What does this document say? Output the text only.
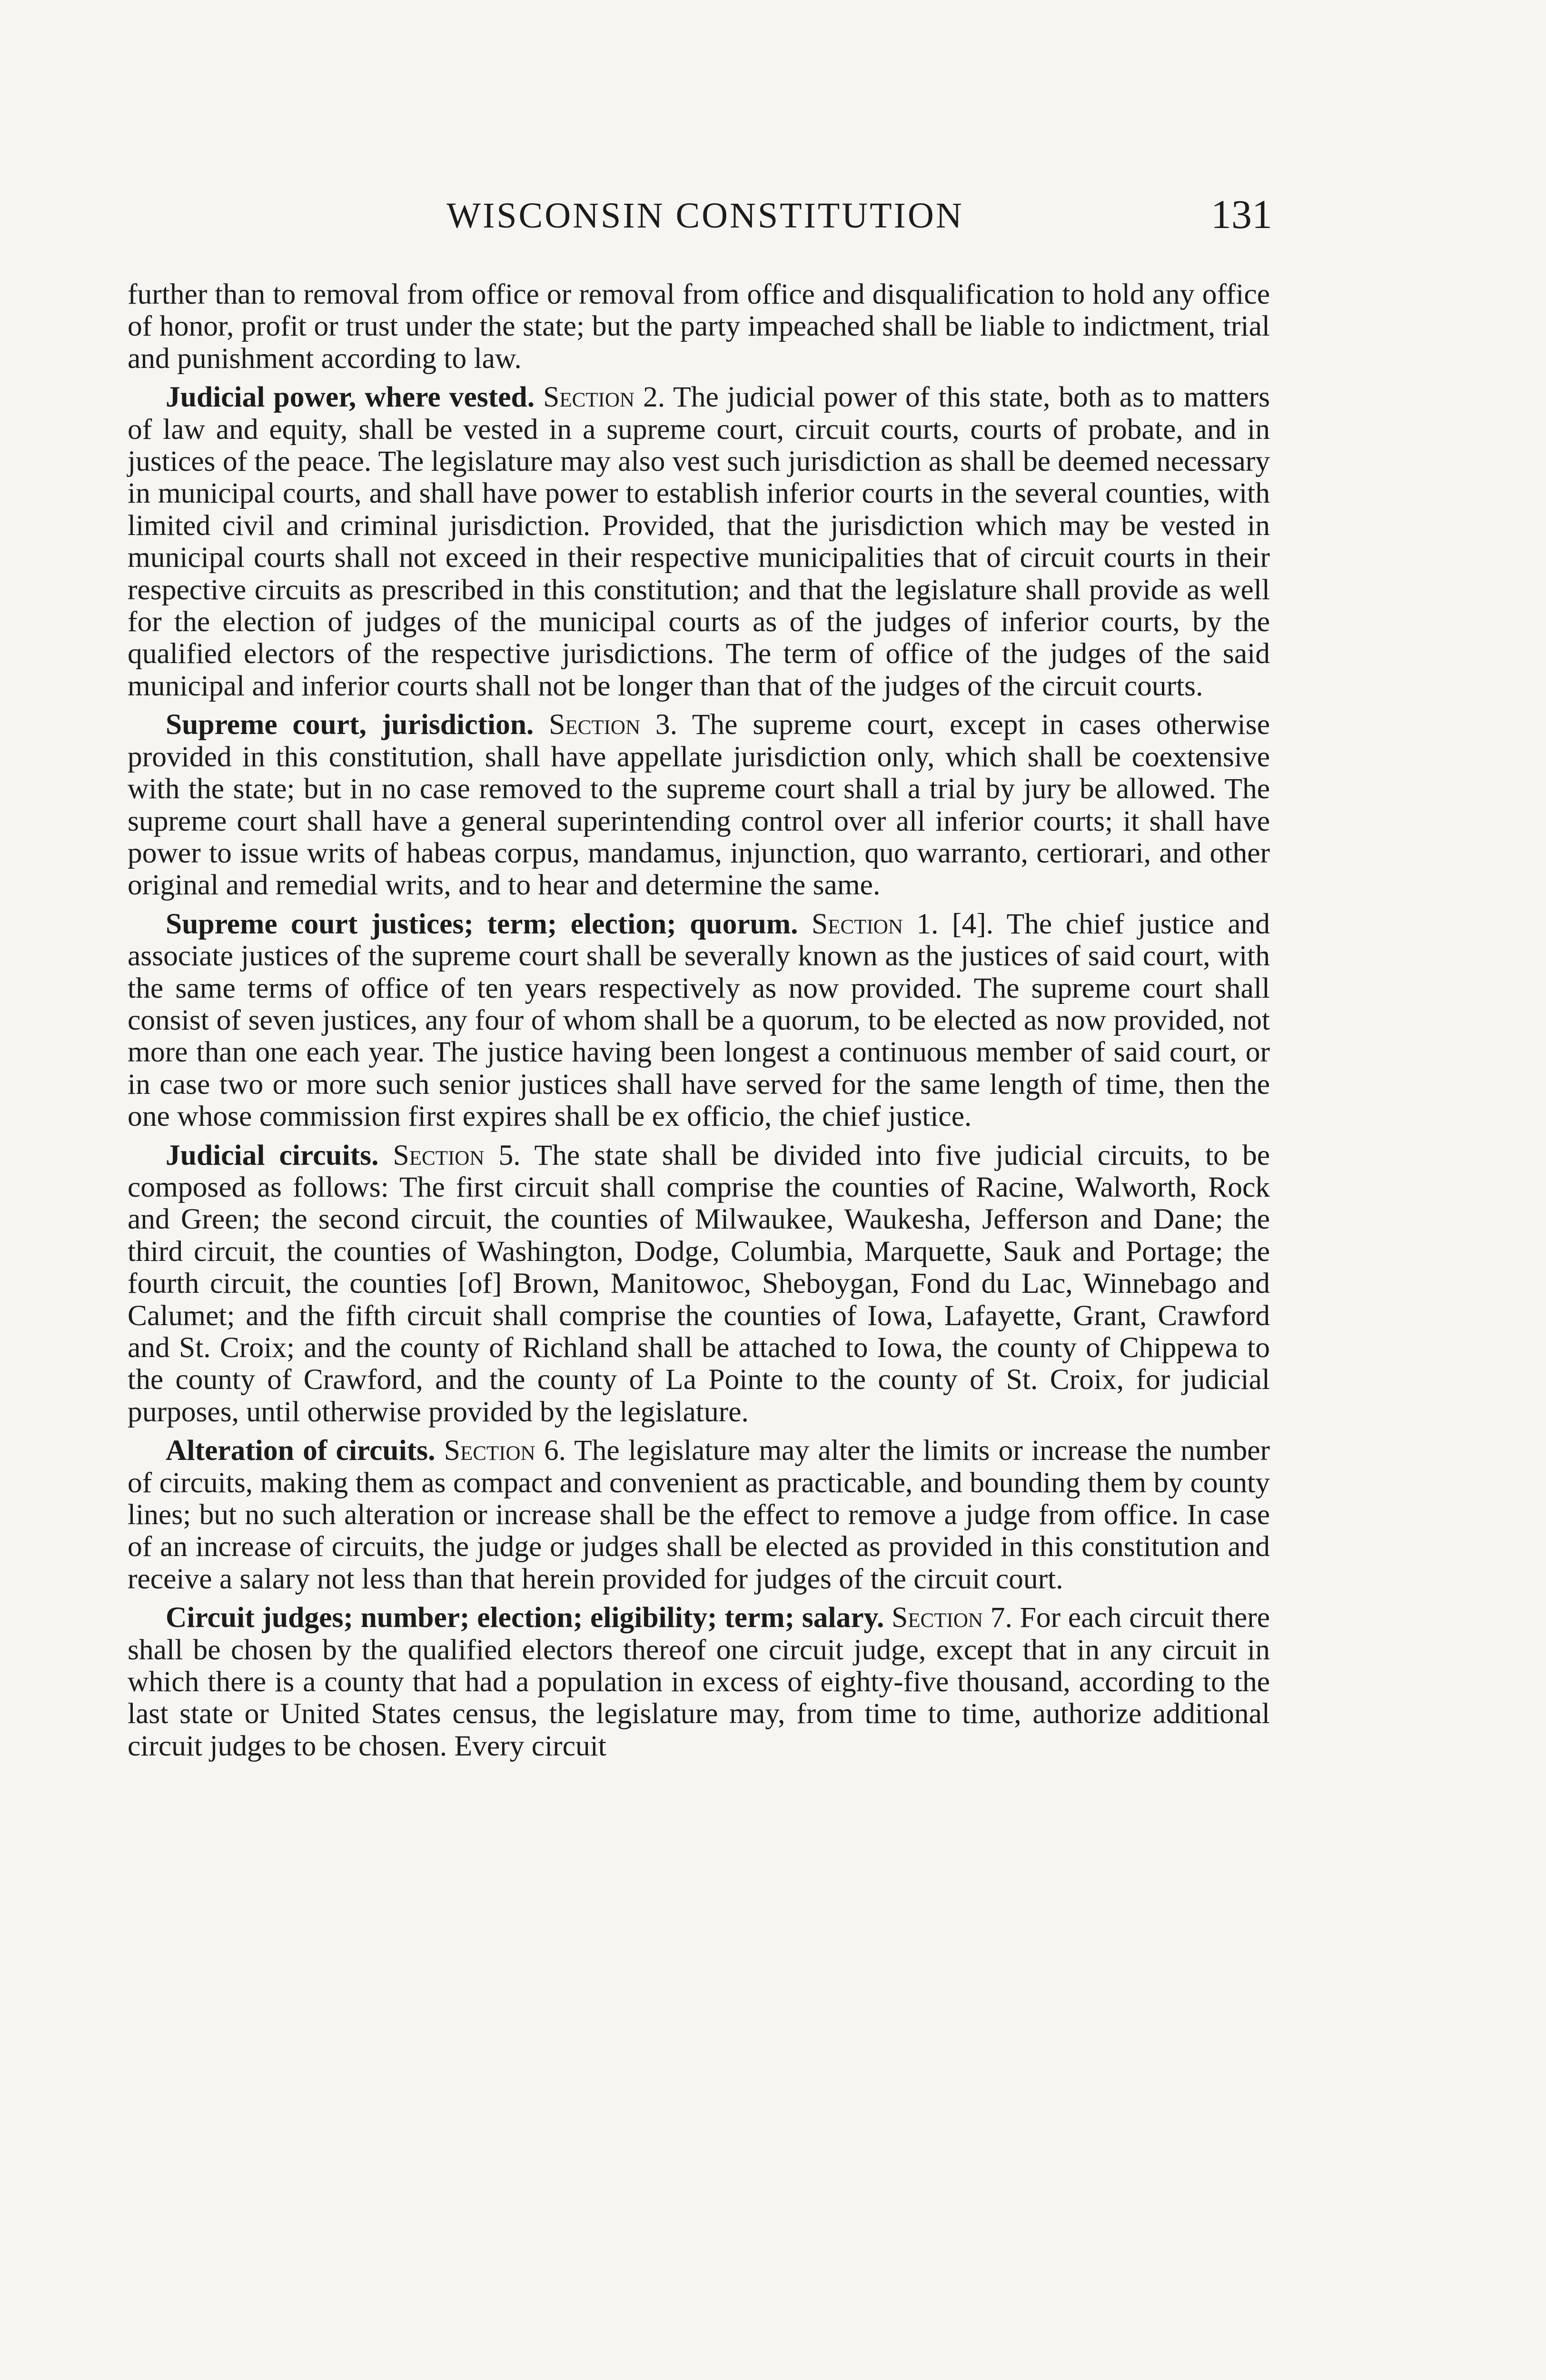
WISCONSIN CONSTITUTION	131

further than to removal from office or removal from office and disqualification to hold any office of honor, profit or trust under the state; but the party impeached shall be liable to indictment, trial and punishment according to law.

Judicial power, where vested. Section 2. The judicial power of this state, both as to matters of law and equity, shall be vested in a supreme court, circuit courts, courts of probate, and in justices of the peace. The legislature may also vest such jurisdiction as shall be deemed necessary in municipal courts, and shall have power to establish inferior courts in the several counties, with limited civil and criminal jurisdiction. Provided, that the jurisdiction which may be vested in municipal courts shall not exceed in their respective municipalities that of circuit courts in their respective circuits as prescribed in this constitution; and that the legislature shall provide as well for the election of judges of the municipal courts as of the judges of inferior courts, by the qualified electors of the respective jurisdictions. The term of office of the judges of the said municipal and inferior courts shall not be longer than that of the judges of the circuit courts.

Supreme court, jurisdiction. Section 3. The supreme court, except in cases otherwise provided in this constitution, shall have appellate jurisdiction only, which shall be coextensive with the state; but in no case removed to the supreme court shall a trial by jury be allowed. The supreme court shall have a general superintending control over all inferior courts; it shall have power to issue writs of habeas corpus, mandamus, injunction, quo warranto, certiorari, and other original and remedial writs, and to hear and determine the same.

Supreme court justices; term; election; quorum. Section 1. [4]. The chief justice and associate justices of the supreme court shall be severally known as the justices of said court, with the same terms of office of ten years respectively as now provided. The supreme court shall consist of seven justices, any four of whom shall be a quorum, to be elected as now provided, not more than one each year. The justice having been longest a continuous member of said court, or in case two or more such senior justices shall have served for the same length of time, then the one whose commission first expires shall be ex officio, the chief justice.

Judicial circuits. Section 5. The state shall be divided into five judicial circuits, to be composed as follows: The first circuit shall comprise the counties of Racine, Walworth, Rock and Green; the second circuit, the counties of Milwaukee, Waukesha, Jefferson and Dane; the third circuit, the counties of Washington, Dodge, Columbia, Marquette, Sauk and Portage; the fourth circuit, the counties [of] Brown, Manitowoc, Sheboygan, Fond du Lac, Winnebago and Calumet; and the fifth circuit shall comprise the counties of Iowa, Lafayette, Grant, Crawford and St. Croix; and the county of Richland shall be attached to Iowa, the county of Chippewa to the county of Crawford, and the county of La Pointe to the county of St. Croix, for judicial purposes, until otherwise provided by the legislature.

Alteration of circuits. Section 6. The legislature may alter the limits or increase the number of circuits, making them as compact and convenient as practicable, and bounding them by county lines; but no such alteration or increase shall be the effect to remove a judge from office. In case of an increase of circuits, the judge or judges shall be elected as provided in this constitution and receive a salary not less than that herein provided for judges of the circuit court.

Circuit judges; number; election; eligibility; term; salary. Section 7. For each circuit there shall be chosen by the qualified electors thereof one circuit judge, except that in any circuit in which there is a county that had a population in excess of eighty-five thousand, according to the last state or United States census, the legislature may, from time to time, authorize additional circuit judges to be chosen. Every circuit
